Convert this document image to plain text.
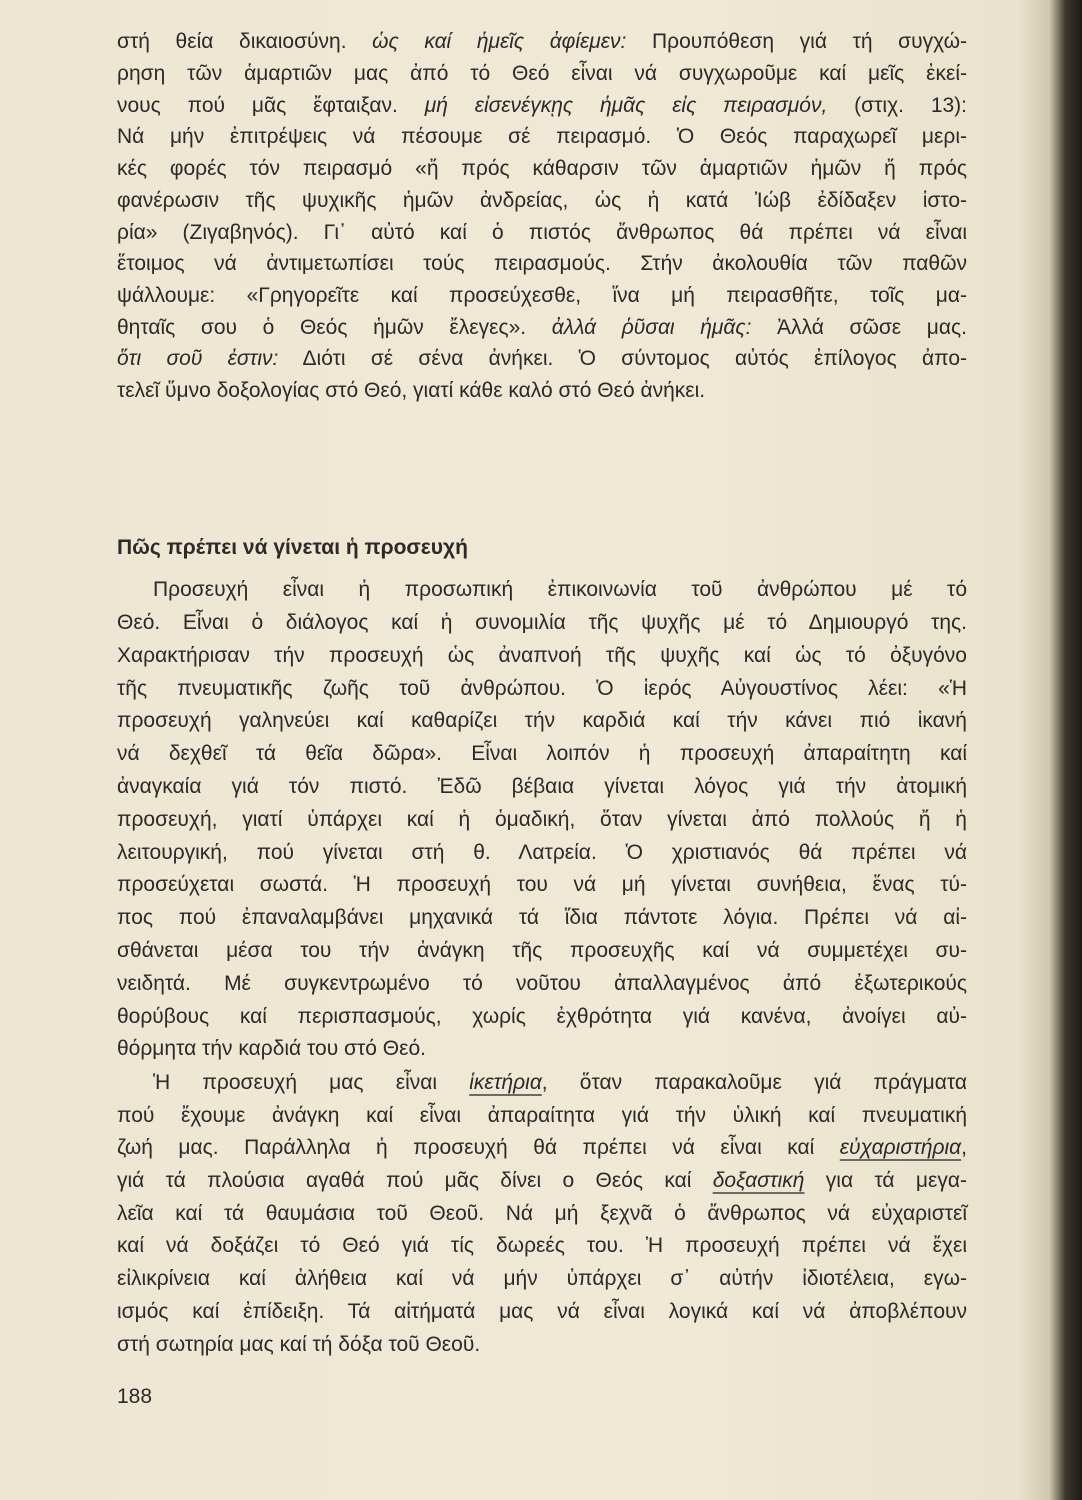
στή θεία δικαιοσύνη. ὡς καί ἡμεῖς ἀφίεμεν: Προυπόθεση γιά τή συγχώ-
ρηση τῶν ἁμαρτιῶν μας ἀπό τό Θεό εἶναι νά συγχωροῦμε καί μεῖς ἐκεί-
νους πού μᾶς ἔφταιξαν. μή εἰσενέγκῃς ἡμᾶς εἰς πειρασμόν, (στιχ. 13):
Νά μήν ἐπιτρέψεις νά πέσουμε σέ πειρασμό. Ὁ Θεός παραχωρεῖ μερι-
κές φορές τόν πειρασμό «ἤ πρός κάθαρσιν τῶν ἁμαρτιῶν ἡμῶν ἤ πρός
φανέρωσιν τῆς ψυχικῆς ἡμῶν ἀνδρείας, ὡς ἡ κατά Ἰώβ ἐδίδαξεν ἱστο-
ρία» (Ζιγαβηνός). Γι᾽ αὐτό καί ὁ πιστός ἄνθρωπος θά πρέπει νά εἶναι
ἕτοιμος νά ἀντιμετωπίσει τούς πειρασμούς. Στήν ἀκολουθία τῶν παθῶν
ψάλλουμε: «Γρηγορεῖτε καί προσεύχεσθε, ἵνα μή πειρασθῆτε, τοῖς μα-
θηταῖς σου ὁ Θεός ἡμῶν ἔλεγες». ἀλλά ῥῦσαι ἡμᾶς: Ἀλλά σῶσε μας.
ὅτι σοῦ ἐστιν: Διότι σέ σένα ἀνήκει. Ὁ σύντομος αὐτός ἐπίλογος ἀπο-
τελεῖ ὕμνο δοξολογίας στό Θεό, γιατί κάθε καλό στό Θεό ἀνήκει.
Προσευχή εἶναι ἡ προσωπική ἐπικοινωνία τοῦ ἀνθρώπου μέ τό
Θεό. Εἶναι ὁ διάλογος καί ἡ συνομιλία τῆς ψυχῆς μέ τό Δημιουργό της.
Χαρακτήρισαν τήν προσευχή ὡς ἀναπνοή τῆς ψυχῆς καί ὡς τό ὀξυγόνο
τῆς πνευματικῆς ζωῆς τοῦ ἀνθρώπου. Ὁ ἱερός Αὐγουστίνος λέει: «Ἡ
προσευχή γαληνεύει καί καθαρίζει τήν καρδιά καί τήν κάνει πιό ἱκανή
νά δεχθεῖ τά θεῖα δῶρα». Εἶναι λοιπόν ἡ προσευχή ἀπαραίτητη καί
ἀναγκαία γιά τόν πιστό. Ἐδῶ βέβαια γίνεται λόγος γιά τήν ἀτομική
προσευχή, γιατί ὑπάρχει καί ἡ ὁμαδική, ὅταν γίνεται ἀπό πολλούς ἤ ἡ
λειτουργική, πού γίνεται στή θ. Λατρεία. Ὁ χριστιανός θά πρέπει νά
προσεύχεται σωστά. Ἡ προσευχή του νά μή γίνεται συνήθεια, ἕνας τύ-
πος πού ἐπαναλαμβάνει μηχανικά τά ἴδια πάντοτε λόγια. Πρέπει νά αἰ-
σθάνεται μέσα του τήν ἀνάγκη τῆς προσευχῆς καί νά συμμετέχει συ-
νειδητά. Μέ συγκεντρωμένο τό νοῦτου ἀπαλλαγμένος ἀπό ἐξωτερικούς
θορύβους καί περισπασμούς, χωρίς ἐχθρότητα γιά κανένα, ἀνοίγει αὐ-
θόρμητα τήν καρδιά του στό Θεό.
Ἡ προσευχή μας εἶναι ἱκετήρια, ὅταν παρακαλοῦμε γιά πράγματα
πού ἔχουμε ἀνάγκη καί εἶναι ἀπαραίτητα γιά τήν ὑλική καί πνευματική
ζωή μας. Παράλληλα ἡ προσευχή θά πρέπει νά εἶναι καί εὐχαριστήρια,
γιά τά πλούσια αγαθά πού μᾶς δίνει ο Θεός καί δοξαστική για τά μεγα-
λεῖα καί τά θαυμάσια τοῦ Θεοῦ. Νά μή ξεχνᾶ ὁ ἄνθρωπος νά εὐχαριστεῖ
καί νά δοξάζει τό Θεό γιά τίς δωρεές του. Ἡ προσευχή πρέπει νά ἔχει
εἰλικρίνεια καί ἀλήθεια καί νά μήν ὑπάρχει σ᾽ αὐτήν ἰδιοτέλεια, εγω-
ισμός καί ἐπίδειξη. Τά αἰτήματά μας νά εἶναι λογικά καί νά ἀποβλέπουν
στή σωτηρία μας καί τή δόξα τοῦ Θεοῦ.
Πῶς πρέπει νά γίνεται ἡ προσευχή
188
